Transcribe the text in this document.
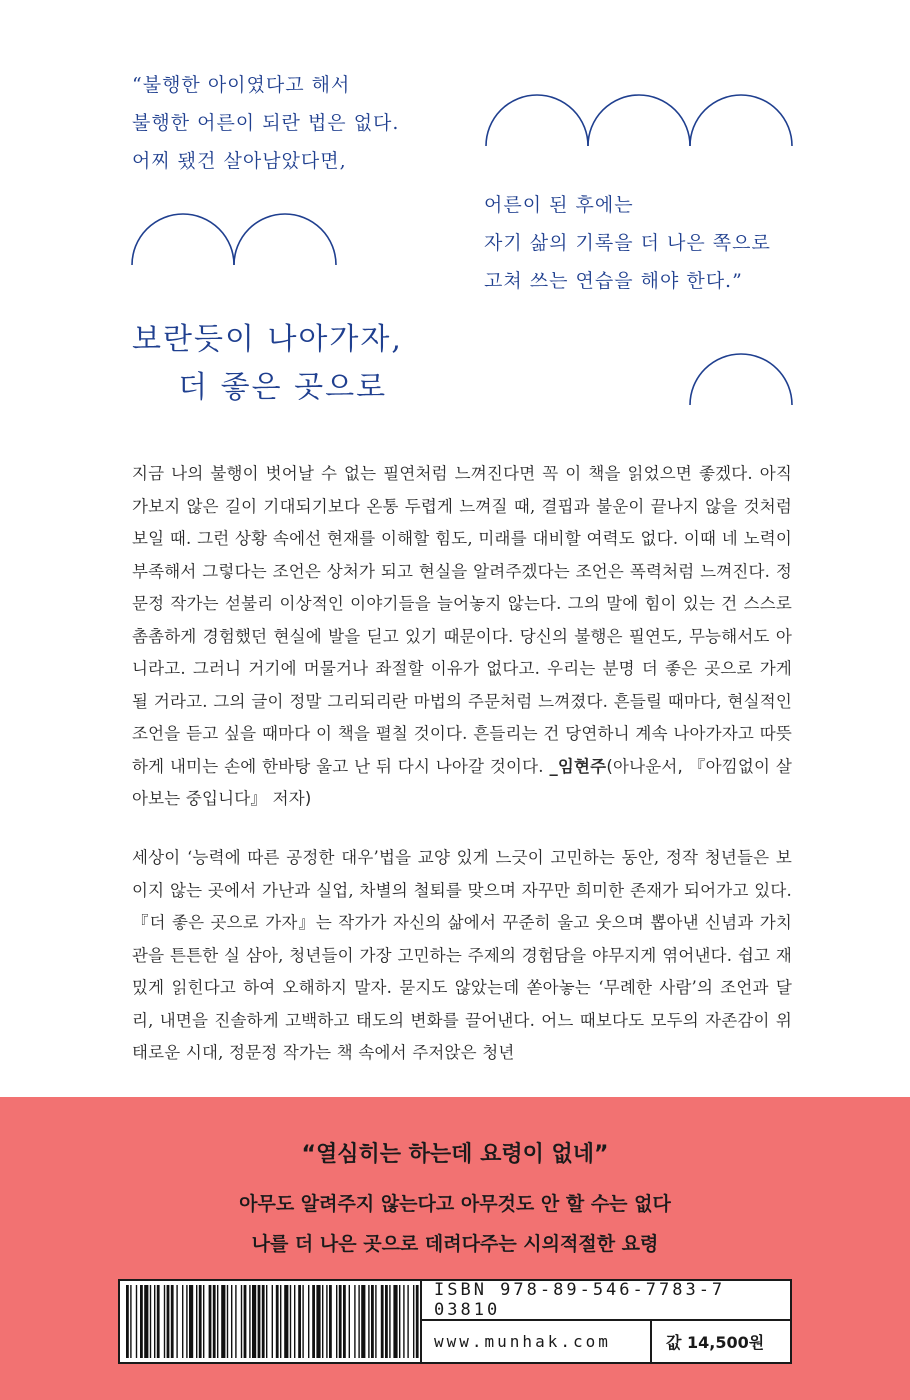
“불행한 아이였다고 해서
불행한 어른이 되란 법은 없다.
어찌 됐건 살아남았다면,
어른이 된 후에는
자기 삶의 기록을 더 나은 쪽으로
고쳐 쓰는 연습을 해야 한다.”
보란듯이 나아가자,
더 좋은 곳으로
지금 나의 불행이 벗어날 수 없는 필연처럼 느껴진다면 꼭 이 책을 읽었으면 좋겠다. 아직 가보지 않은 길이 기대되기보다 온통 두렵게 느껴질 때, 결핍과 불운이 끝나지 않을 것처럼 보일 때. 그런 상황 속에선 현재를 이해할 힘도, 미래를 대비할 여력도 없다. 이때 네 노력이 부족해서 그렇다는 조언은 상처가 되고 현실을 알려주겠다는 조언은 폭력처럼 느껴진다. 정문정 작가는 섣불리 이상적인 이야기들을 늘어놓지 않는다. 그의 말에 힘이 있는 건 스스로 촘촘하게 경험했던 현실에 발을 딛고 있기 때문이다. 당신의 불행은 필연도, 무능해서도 아니라고. 그러니 거기에 머물거나 좌절할 이유가 없다고. 우리는 분명 더 좋은 곳으로 가게 될 거라고. 그의 글이 정말 그리되리란 마법의 주문처럼 느껴졌다. 흔들릴 때마다, 현실적인 조언을 듣고 싶을 때마다 이 책을 펼칠 것이다. 흔들리는 건 당연하니 계속 나아가자고 따뜻하게 내미는 손에 한바탕 울고 난 뒤 다시 나아갈 것이다. _임현주(아나운서, 『아낌없이 살아보는 중입니다』 저자)
세상이 ‘능력에 따른 공정한 대우’법을 교양 있게 느긋이 고민하는 동안, 정작 청년들은 보이지 않는 곳에서 가난과 실업, 차별의 철퇴를 맞으며 자꾸만 희미한 존재가 되어가고 있다. 『더 좋은 곳으로 가자』는 작가가 자신의 삶에서 꾸준히 울고 웃으며 뽑아낸 신념과 가치관을 튼튼한 실 삼아, 청년들이 가장 고민하는 주제의 경험담을 야무지게 엮어낸다. 쉽고 재밌게 읽힌다고 하여 오해하지 말자. 묻지도 않았는데 쏟아놓는 ‘무례한 사람’의 조언과 달리, 내면을 진솔하게 고백하고 태도의 변화를 끌어낸다. 어느 때보다도 모두의 자존감이 위태로운 시대, 정문정 작가는 책 속에서 주저앉은 청년
“열심히는 하는데 요령이 없네”
아무도 알려주지 않는다고 아무것도 안 할 수는 없다
나를 더 나은 곳으로 데려다주는 시의적절한 요령
ISBN 978-89-546-7783-7 03810
www.munhak.com	값 14,500원
